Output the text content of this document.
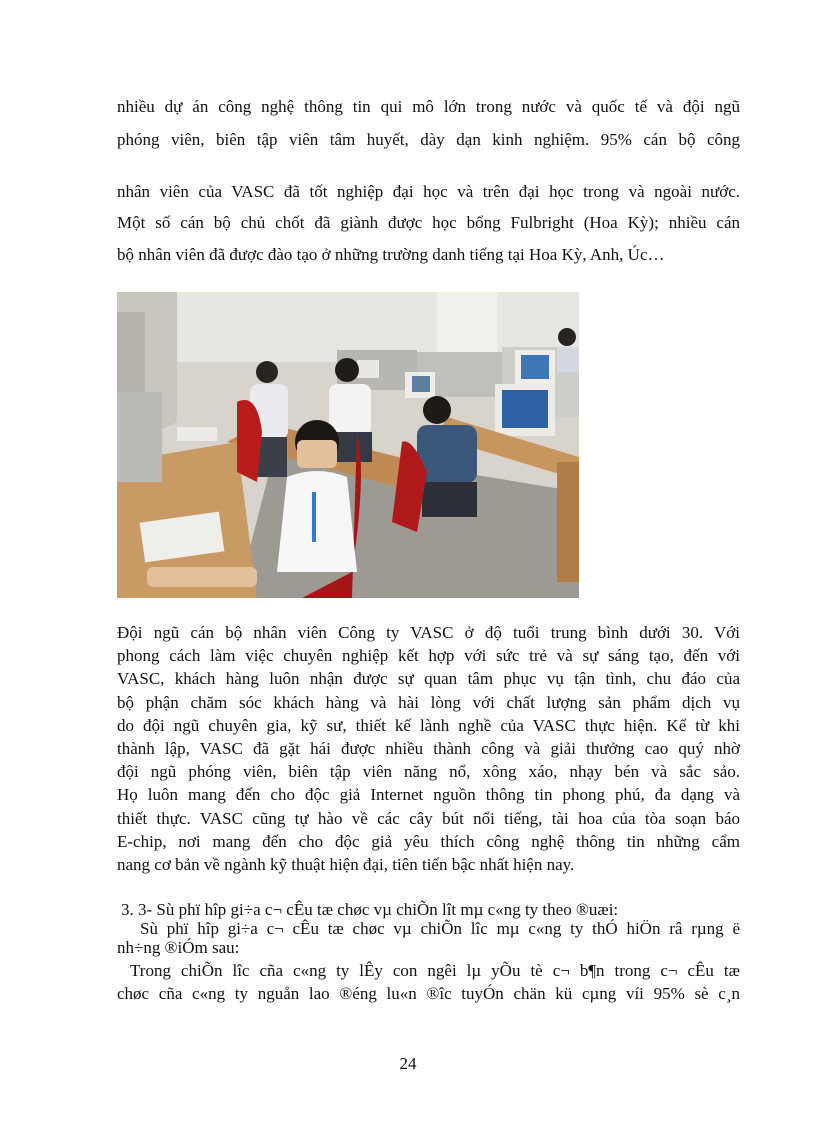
nhiều dự án công nghệ thông tin qui mô lớn trong nước và quốc tế và đội ngũ
phóng viên, biên tập viên tâm huyết, dày dạn kinh nghiệm. 95% cán bộ công
nhân viên của VASC đã tốt nghiệp đại học và trên đại học trong và ngoài nước.
Một số cán bộ chủ chốt đã giành được học bổng Fulbright (Hoa Kỳ); nhiều cán
bộ nhân viên đã được đào tạo ở những trường danh tiếng tại Hoa Kỳ, Anh, Úc…
Đội ngũ cán bộ nhân viên Công ty VASC ở độ tuổi trung bình dưới 30. Với
phong cách làm việc chuyên nghiệp kết hợp với sức trẻ và sự sáng tạo, đến với
VASC, khách hàng luôn nhận được sự quan tâm phục vụ tận tình, chu đáo của
bộ phận chăm sóc khách hàng và hài lòng với chất lượng sản phẩm dịch vụ
do đội ngũ chuyên gia, kỹ sư, thiết kế lành nghề của VASC thực hiện. Kể từ khi
thành lập, VASC đã gặt hái được nhiều thành công và giải thưởng cao quý nhờ
đội ngũ phóng viên, biên tập viên năng nổ, xông xáo, nhạy bén và sắc sảo.
Họ luôn mang đến cho độc giả Internet nguồn thông tin phong phú, đa dạng và
thiết thực. VASC cũng tự hào về các cây bút nổi tiếng, tài hoa của tòa soạn báo
E-chip, nơi mang đến cho độc giả yêu thích công nghệ thông tin những cẩm
nang cơ bản về ngành kỹ thuật hiện đại, tiên tiến bậc nhất hiện nay.
3. 3- Sù phï hîp gi÷a c¬ cÊu tæ chøc vµ chiÕn lît mµ c«ng ty theo ®uæi:
Sù phï hîp gi÷a c¬ cÊu tæ chøc vµ chiÕn lîc mµ c«ng ty thÓ hiÖn râ rµng ë
nh÷ng ®iÓm sau:
Trong chiÕn lîc cña c«ng ty lÊy con ngêi lµ yÕu tè c¬ b¶n trong c¬ cÊu tæ
chøc cña c«ng ty nguån lao ®éng lu«n ®îc tuyÓn chän kü cµng víi 95% sè c¸n
24
